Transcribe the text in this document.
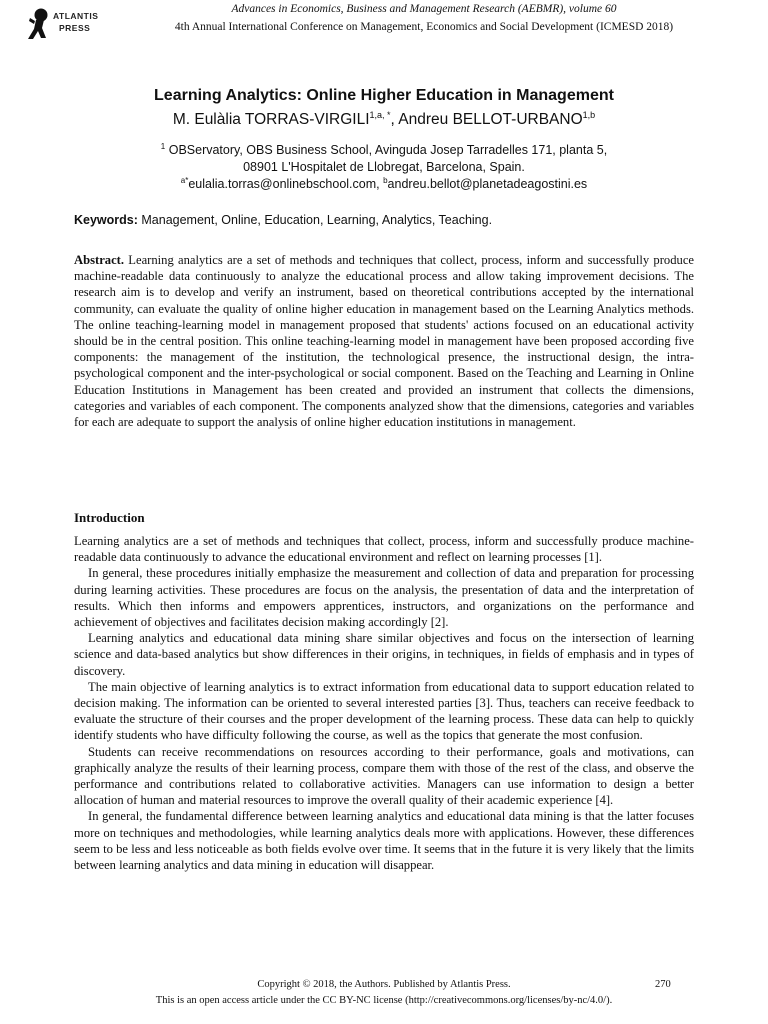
ATLANTIS
PRESS
Advances in Economics, Business and Management Research (AEBMR), volume 60
4th Annual International Conference on Management, Economics and Social Development (ICMESD 2018)
Learning Analytics: Online Higher Education in Management
M. Eulàlia TORRAS-$VIRGILI^{1,a, *}$, Andreu BELLOT-URBANO$^{1,b}$
$^1$ OBServatory, OBS Business School, Avinguda Josep Tarradelles 171, planta 5,
08901 L'Hospitalet de Llobregat, Barcelona, Spain.
$^{a*}$eulalia.torras@onlinebschool.com, $^b$andreu.bellot@planetadeagostini.es
Keywords: Management, Online, Education, Learning, Analytics, Teaching.

Abstract. Learning analytics are a set of methods and techniques that collect, process, inform and successfully produce machine-readable data continuously to analyze the educational process and allow taking improvement decisions. The research aim is to develop and verify an instrument, based on theoretical contributions accepted by the international community, can evaluate the quality of online higher education in management based on the Learning Analytics methods. The online teaching-learning model in management proposed that students' actions focused on an educational activity should be in the central position. This online teaching-learning model in management have been proposed according five components: the management of the institution, the technological presence, the instructional design, the intra-psychological component and the inter-psychological or social component. Based on the Teaching and Learning in Online Education Institutions in Management has been created and provided an instrument that collects the dimensions, categories and variables of each component. The components analyzed show that the dimensions, categories and variables for each are adequate to support the analysis of online higher education institutions in management.

Introduction

Learning analytics are a set of methods and techniques that collect, process, inform and successfully produce machine-readable data continuously to advance the educational environment and reflect on learning processes [1].

In general, these procedures initially emphasize the measurement and collection of data and preparation for processing during learning activities. These procedures are focus on the analysis, the presentation of data and the interpretation of results. Which then informs and empowers apprentices, instructors, and organizations on the performance and achievement of objectives and facilitates decision making accordingly [2].

Learning analytics and educational data mining share similar objectives and focus on the intersection of learning science and data-based analytics but show differences in their origins, in techniques, in fields of emphasis and in types of discovery.

The main objective of learning analytics is to extract information from educational data to support education related to decision making. The information can be oriented to several interested parties [3]. Thus, teachers can receive feedback to evaluate the structure of their courses and the proper development of the learning process. These data can help to quickly identify students who have difficulty following the course, as well as the topics that generate the most confusion.

Students can receive recommendations on resources according to their performance, goals and motivations, can graphically analyze the results of their learning process, compare them with those of the rest of the class, and observe the performance and contributions related to collaborative activities. Managers can use information to design a better allocation of human and material resources to improve the overall quality of their academic experience [4].

In general, the fundamental difference between learning analytics and educational data mining is that the latter focuses more on techniques and methodologies, while learning analytics deals more with applications. However, these differences seem to be less and less noticeable as both fields evolve over time. It seems that in the future it is very likely that the limits between learning analytics and data mining in education will disappear.

Copyright © 2018, the Authors. Published by Atlantis Press.	270
This is an open access article under the CC BY-NC license (http://creativecommons.org/licenses/by-nc/4.0/).
